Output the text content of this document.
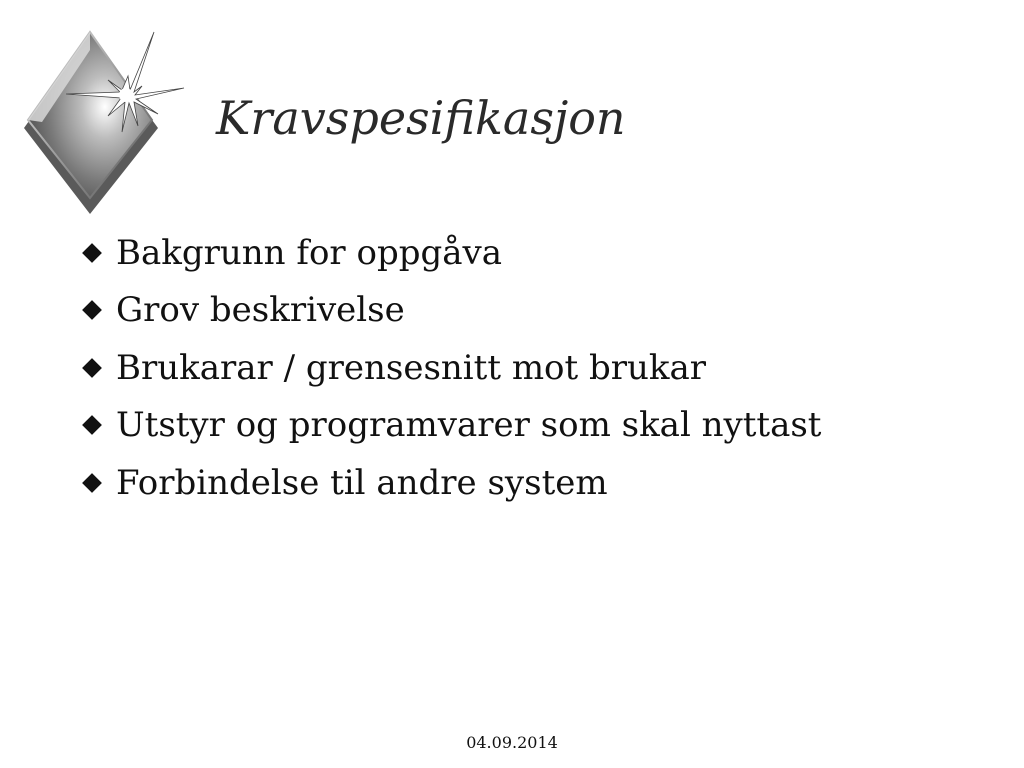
Kravspesifikasjon
Bakgrunn for oppgåva
Grov beskrivelse
Brukarar / grensesnitt mot brukar
Utstyr og programvarer som skal nyttast
Forbindelse til andre system
04.09.2014
